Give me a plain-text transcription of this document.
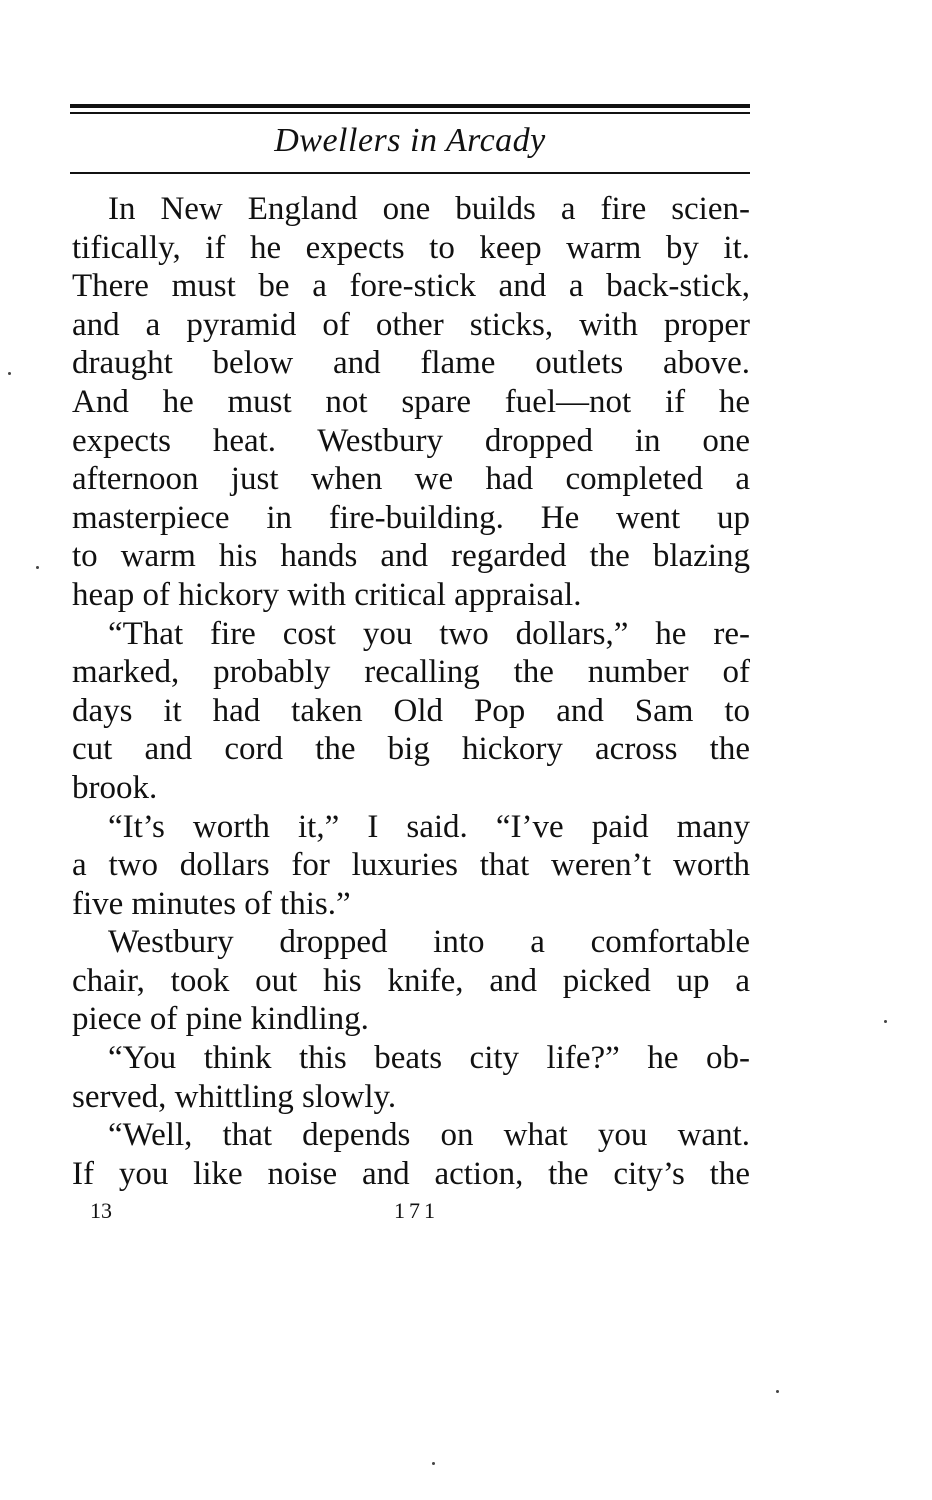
Dwellers in Arcady
In New England one builds a fire scien-
tifically, if he expects to keep warm by it.
There must be a fore-stick and a back-stick,
and a pyramid of other sticks, with proper
draught below and flame outlets above.
And he must not spare fuel—not if he
expects heat. Westbury dropped in one
afternoon just when we had completed a
masterpiece in fire-building. He went up
to warm his hands and regarded the blazing
heap of hickory with critical appraisal.
“That fire cost you two dollars,” he re-
marked, probably recalling the number of
days it had taken Old Pop and Sam to
cut and cord the big hickory across the
brook.
“It’s worth it,” I said. “I’ve paid many
a two dollars for luxuries that weren’t worth
five minutes of this.”
Westbury dropped into a comfortable
chair, took out his knife, and picked up a
piece of pine kindling.
“You think this beats city life?” he ob-
served, whittling slowly.
“Well, that depends on what you want.
If you like noise and action, the city’s the
13	171
